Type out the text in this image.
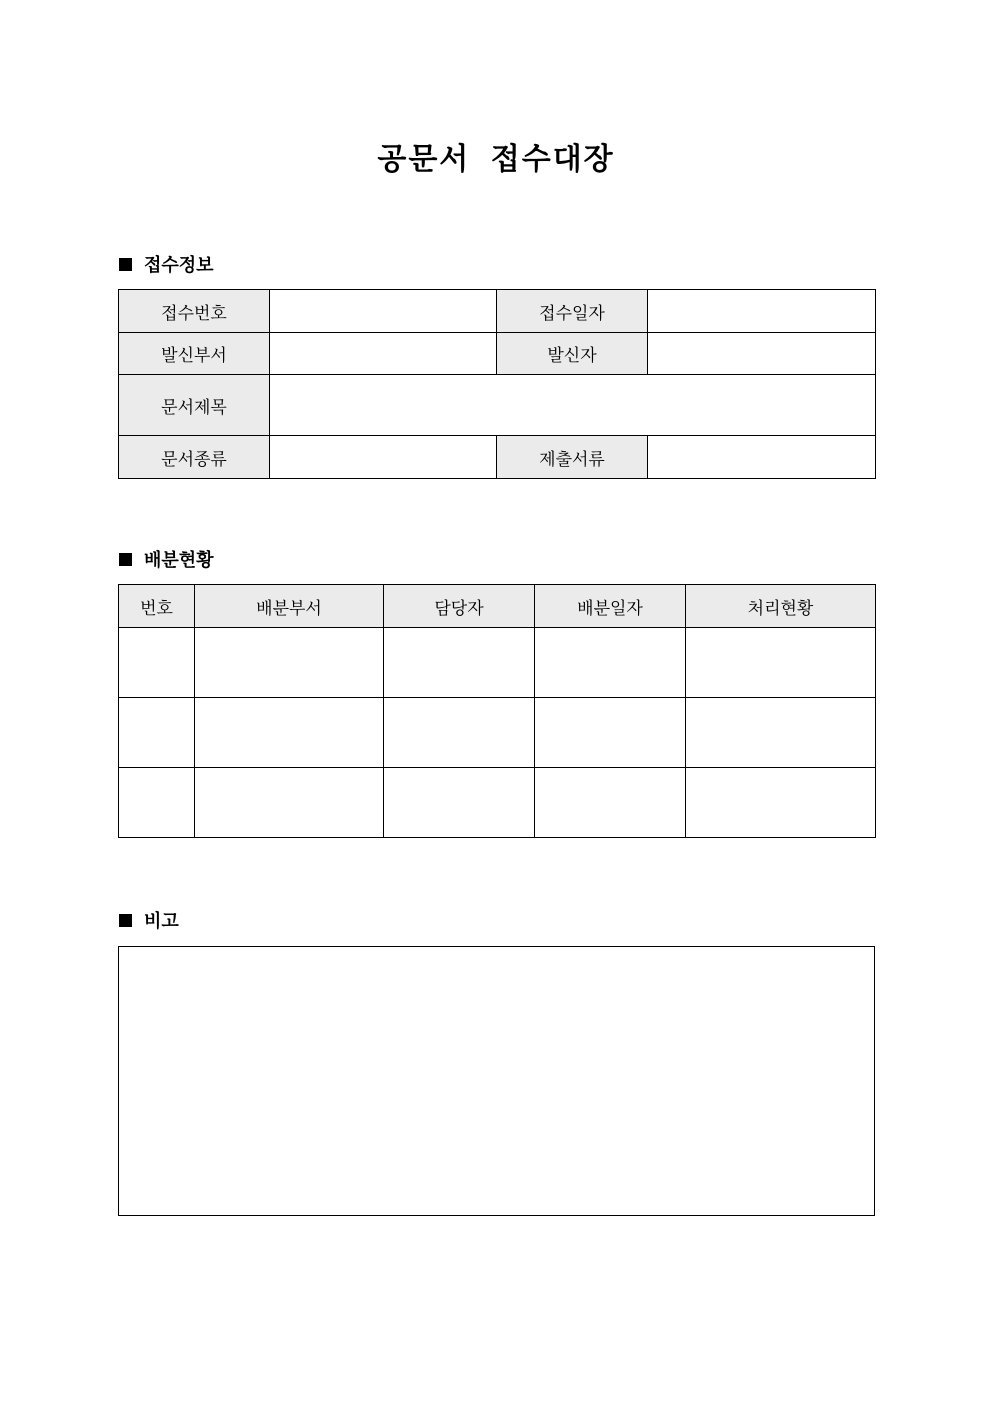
공문서 접수대장
접수정보
접수번호		접수일자	
발신부서		발신자	
문서제목			
문서종류		제출서류	
배분현황
번호	배분부서	담당자	배분일자	처리현황

비고
